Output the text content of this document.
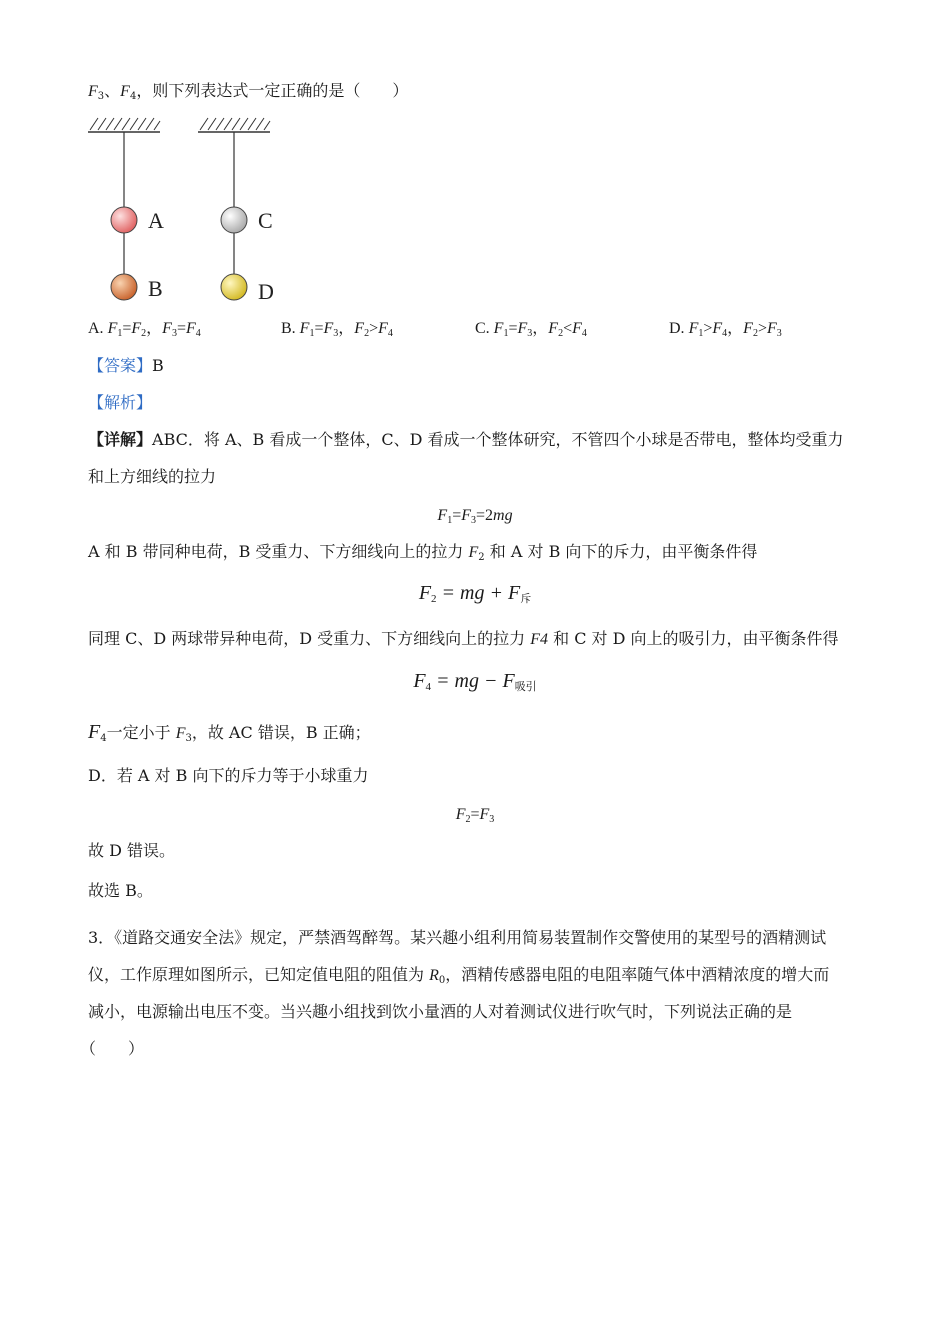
$F_3$、$F_4$，则下列表达式一定正确的是（　　）
A
B
C
D
A. $F_1=F_2$，$F_3=F_4$	B. $F_1=F_3$，$F_2>F_4$	C. $F_1=F_3$，$F_2<F_4$	D. $F_1>F_4$，$F_2>F_3$
【答案】B
【解析】
【详解】ABC．将 A、B 看成一个整体，C、D 看成一个整体研究，不管四个小球是否带电，整体均受重力
和上方细线的拉力
$F_1=F_3=2mg$
A 和 B 带同种电荷，B 受重力、下方细线向上的拉力 $F_2$ 和 A 对 B 向下的斥力，由平衡条件得
$F_2$ = mg + $F_斥$
同理 C、D 两球带异种电荷，D 受重力、下方细线向上的拉力 F4 和 C 对 D 向上的吸引力，由平衡条件得
$F_4$ = mg − $F_{吸引}$
$F_4$一定小于 $F_3$，故 AC 错误，B 正确；
D．若 A 对 B 向下的斥力等于小球重力
$F_2=F_3$
故 D 错误。
故选 B。
3．《道路交通安全法》规定，严禁酒驾醉驾。某兴趣小组利用简易装置制作交警使用的某型号的酒精测试
仪，工作原理如图所示，已知定值电阻的阻值为 $R_0$，酒精传感器电阻的电阻率随气体中酒精浓度的增大而
减小，电源输出电压不变。当兴趣小组找到饮小量酒的人对着测试仪进行吹气时，下列说法正确的是
（　　）
